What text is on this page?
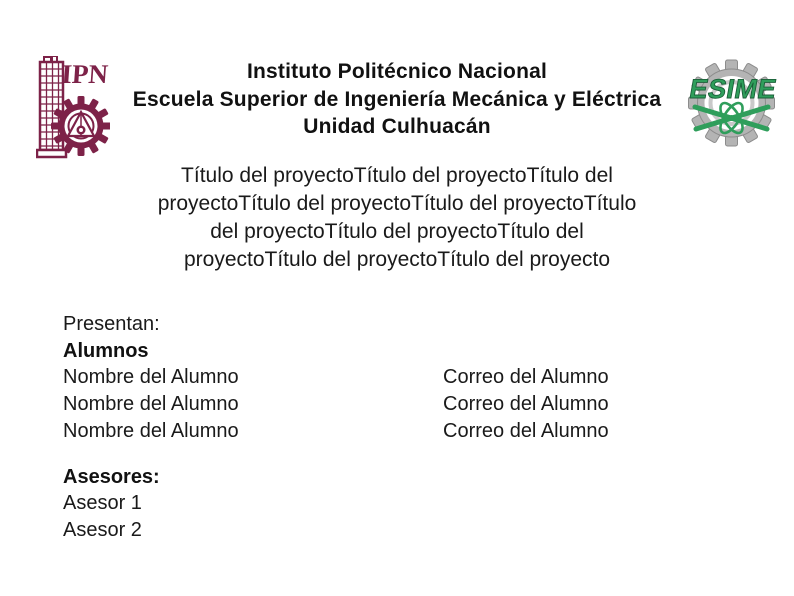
IPN	Instituto Politécnico Nacional
Escuela Superior de Ingeniería Mecánica y Eléctrica
Unidad Culhuacán
ESIME
Título del proyectoTítulo del proyectoTítulo del
proyectoTítulo del proyectoTítulo del proyectoTítulo
del proyectoTítulo del proyectoTítulo del
proyectoTítulo del proyectoTítulo del proyecto

Presentan:

Alumnos

Nombre del Alumno	Correo del Alumno

Nombre del Alumno	Correo del Alumno

Nombre del Alumno	Correo del Alumno

Asesores:

Asesor 1

Asesor 2
